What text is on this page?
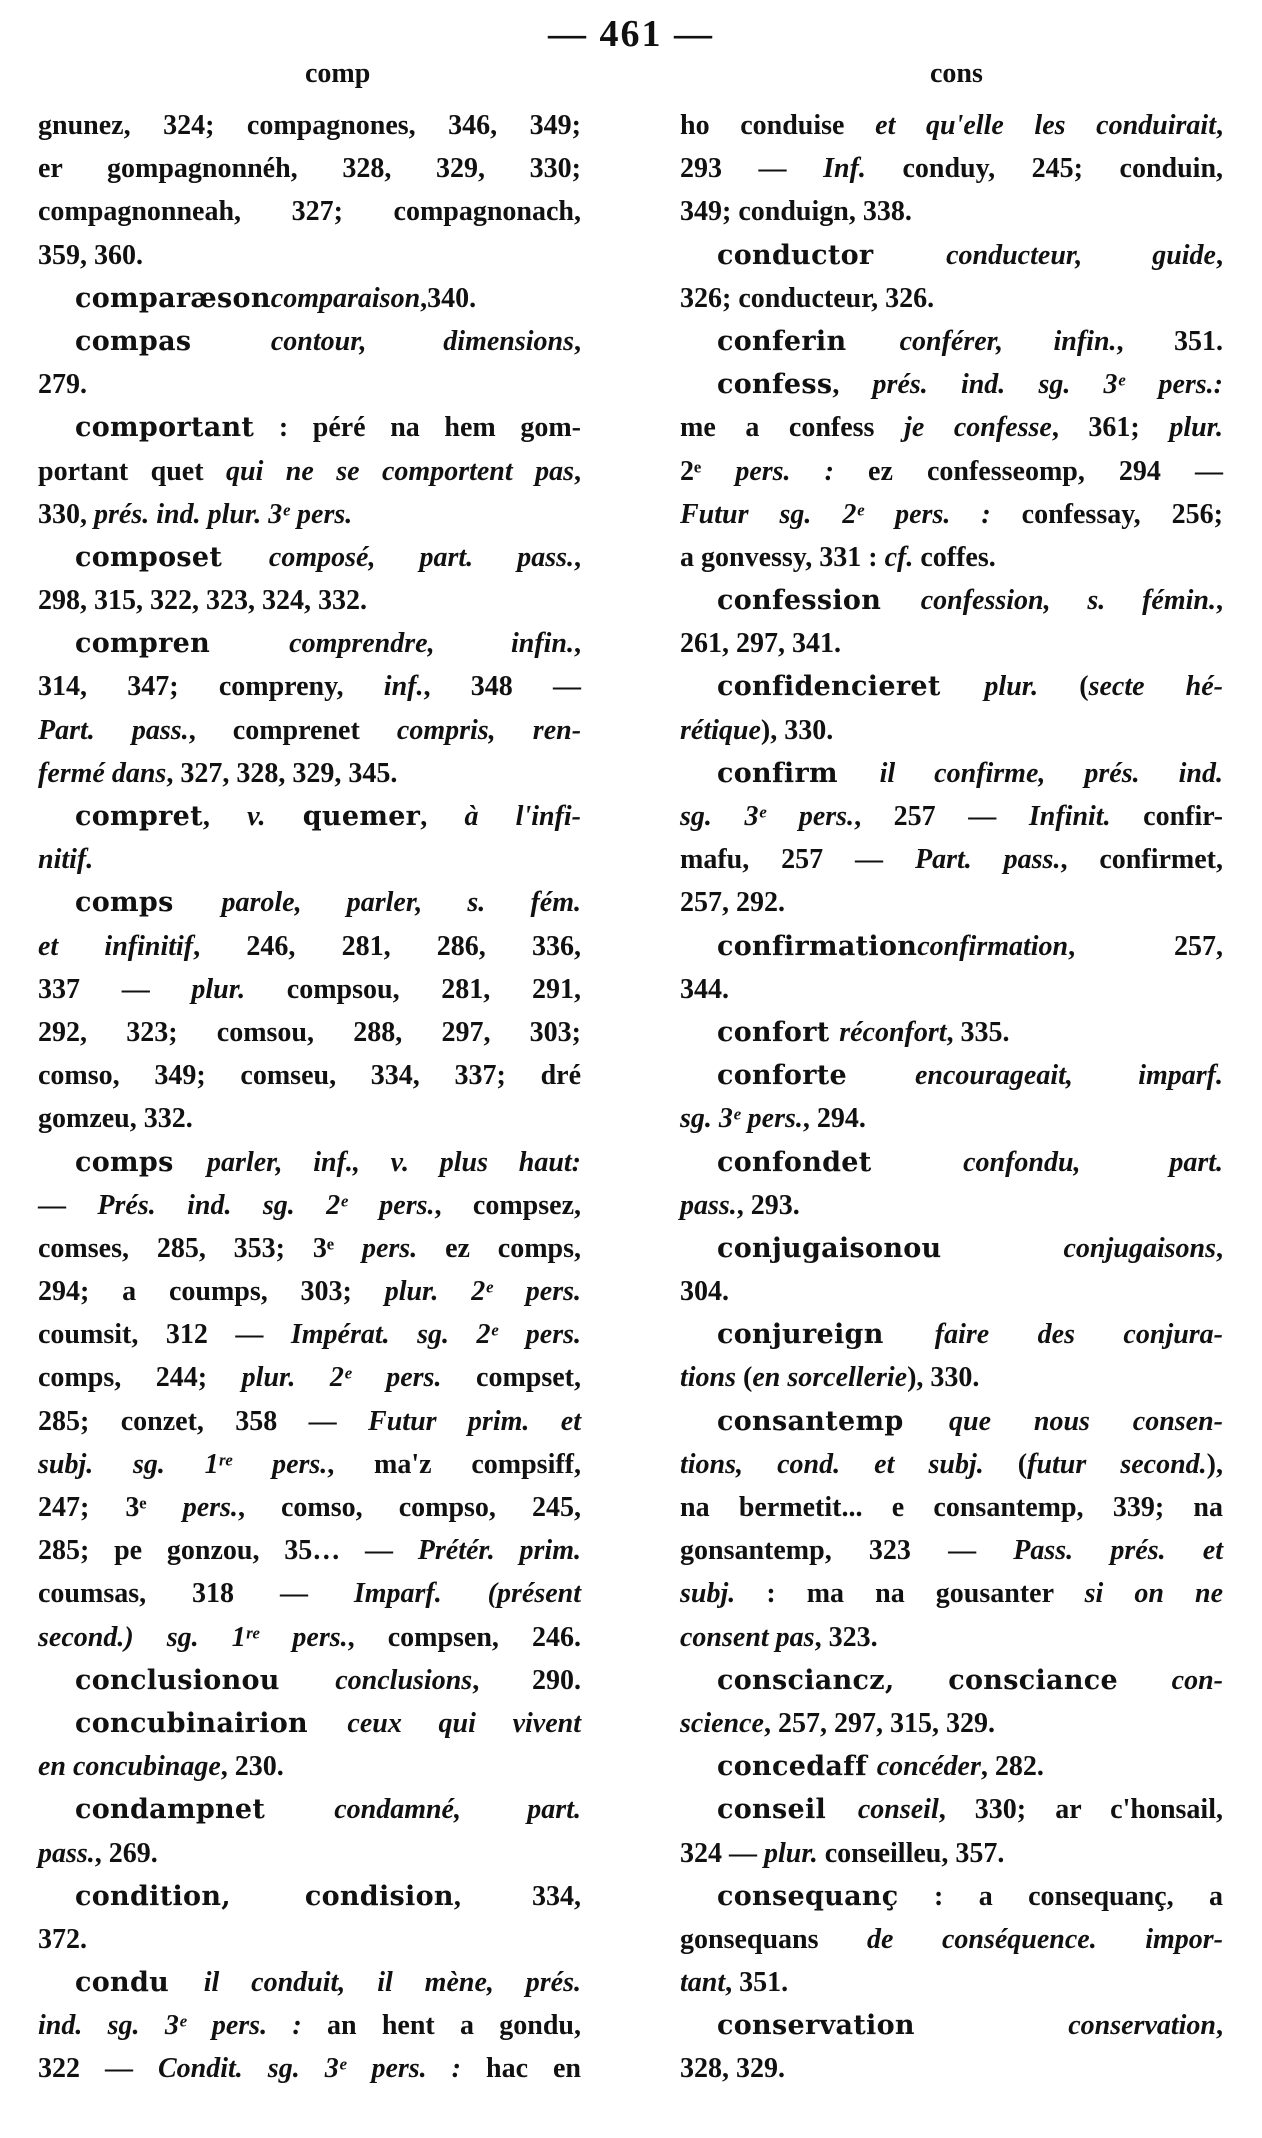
— 461 —
comp	cons
gnunez, 324; compagnones, 346, 349;
er gompagnonnéh, 328, 329, 330;
compagnonneah, 327; compagnonach,
359, 360.
comparæsoncomparaison,340.
compas contour, dimensions,
279.
comportant : péré na hem gom-
portant quet qui ne se comportent pas,
330, prés. ind. plur. 3ᵉ pers.
composet composé, part. pass.,
298, 315, 322, 323, 324, 332.
compren comprendre, infin.,
314, 347; compreny, inf., 348 —
Part. pass., comprenet compris, ren-
fermé dans, 327, 328, 329, 345.
compret, v. quemer, à l'infi-
nitif.
comps parole, parler, s. fém.
et infinitif, 246, 281, 286, 336,
337 — plur. compsou, 281, 291,
292, 323; comsou, 288, 297, 303;
comso, 349; comseu, 334, 337; dré
gomzeu, 332.
comps parler, inf., v. plus haut:
— Prés. ind. sg. 2ᵉ pers., compsez,
comses, 285, 353; 3ᵉ pers. ez comps,
294; a coumps, 303; plur. 2ᵉ pers.
coumsit, 312 — Impérat. sg. 2ᵉ pers.
comps, 244; plur. 2ᵉ pers. compset,
285; conzet, 358 — Futur prim. et
subj. sg. 1ʳᵉ pers., ma'z compsiff,
247; 3ᵉ pers., comso, compso, 245,
285; pe gonzou, 35… — Prétér. prim.
coumsas, 318 — Imparf. (présent
second.) sg. 1ʳᵉ pers., compsen, 246.
conclusionou conclusions, 290.
concubinairion ceux qui vivent
en concubinage, 230.
condampnet condamné, part.
pass., 269.
condition, condision, 334,
372.
condu il conduit, il mène, prés.
ind. sg. 3ᵉ pers. : an hent a gondu,
322 — Condit. sg. 3ᵉ pers. : hac en
ho conduise et qu'elle les conduirait,
293 — Inf. conduy, 245; conduin,
349; conduign, 338.
conductor conducteur, guide,
326; conducteur, 326.
conferin conférer, infin., 351.
confess, prés. ind. sg. 3ᵉ pers.:
me a confess je confesse, 361; plur.
2ᵉ pers. : ez confesseomp, 294 —
Futur sg. 2ᵉ pers. : confessay, 256;
a gonvessy, 331 : cf. coffes.
confession confession, s. fémin.,
261, 297, 341.
confidencieret plur. (secte hé-
rétique), 330.
confirm il confirme, prés. ind.
sg. 3ᵉ pers., 257 — Infinit. confir-
mafu, 257 — Part. pass., confirmet,
257, 292.
confirmationconfirmation, 257,
344.
confort réconfort, 335.
conforte encourageait, imparf.
sg. 3ᵉ pers., 294.
confondet confondu, part.
pass., 293.
conjugaisonou conjugaisons,
304.
conjureign faire des conjura-
tions (en sorcellerie), 330.
consantemp que nous consen-
tions, cond. et subj. (futur second.),
na bermetit... e consantemp, 339; na
gonsantemp, 323 — Pass. prés. et
subj. : ma na gousanter si on ne
consent pas, 323.
consciancz, consciance con-
science, 257, 297, 315, 329.
concedaff concéder, 282.
conseil conseil, 330; ar c'honsail,
324 — plur. conseilleu, 357.
consequanç : a consequanç, a
gonsequans de conséquence. impor-
tant, 351.
conservation conservation,
328, 329.
